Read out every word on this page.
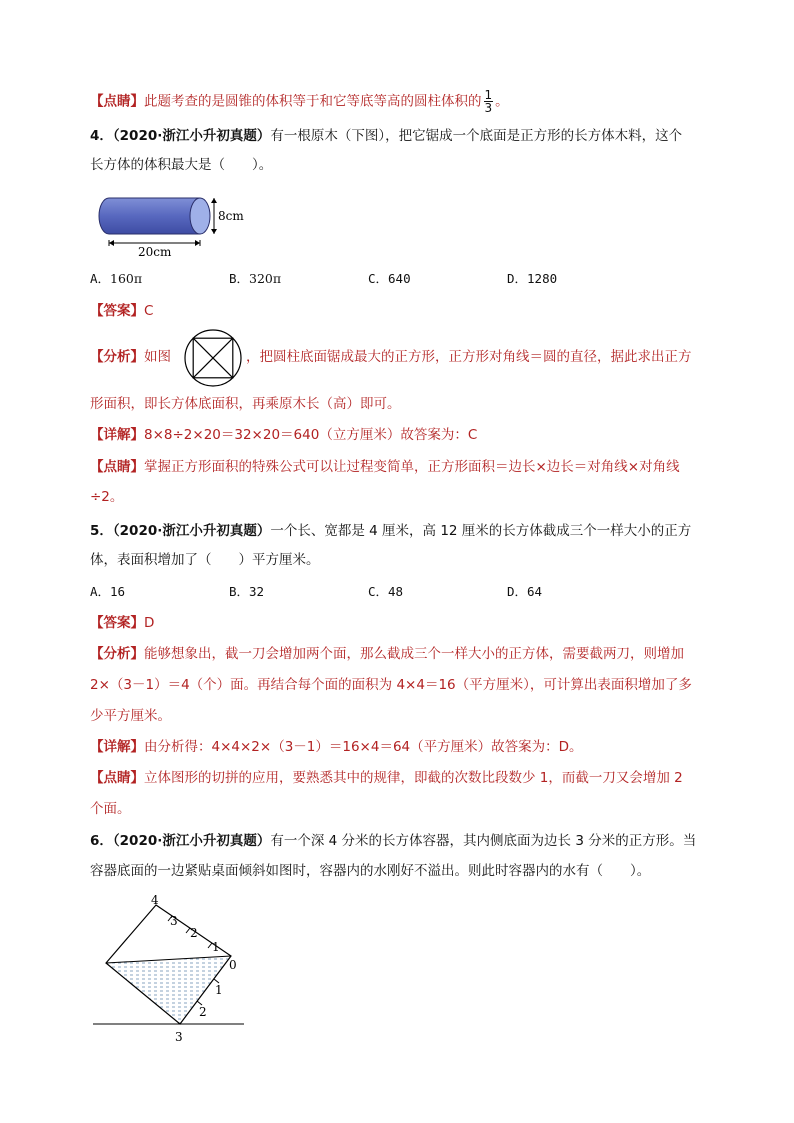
【点睛】此题考查的是圆锥的体积等于和它等底等高的圆柱体积的 $\frac{1}{3}$ 。
4．（2020·浙江小升初真题）有一根原木（下图），把它锯成一个底面是正方形的长方体木料，这个
长方体的体积最大是（　　）。
8cm
20cm
A．160π	B．320π	C．640	D．1280
【答案】C
【分析】如图	，把圆柱底面锯成最大的正方形，正方形对角线＝圆的直径，据此求出正方
形面积，即长方体底面积，再乘原木长（高）即可。
【详解】8×8÷2×20＝32×20＝640（立方厘米）故答案为：C
【点睛】掌握正方形面积的特殊公式可以让过程变简单，正方形面积＝边长×边长＝对角线×对角线
÷2。
5．（2020·浙江小升初真题）一个长、宽都是 4 厘米，高 12 厘米的长方体截成三个一样大小的正方
体，表面积增加了（　　）平方厘米。
A．16	B．32	C．48	D．64
【答案】D
【分析】能够想象出，截一刀会增加两个面，那么截成三个一样大小的正方体，需要截两刀，则增加
2×（3－1）＝4（个）面。再结合每个面的面积为 4×4＝16（平方厘米），可计算出表面积增加了多
少平方厘米。
【详解】由分析得：4×4×2×（3－1）＝16×4＝64（平方厘米）故答案为：D。
【点睛】立体图形的切拼的应用，要熟悉其中的规律，即截的次数比段数少 1，而截一刀又会增加 2
个面。
6．（2020·浙江小升初真题）有一个深 4 分米的长方体容器，其内侧底面为边长 3 分米的正方形。当
容器底面的一边紧贴桌面倾斜如图时，容器内的水刚好不溢出。则此时容器内的水有（　　）。
4
3
2
1
0
1
2
3
